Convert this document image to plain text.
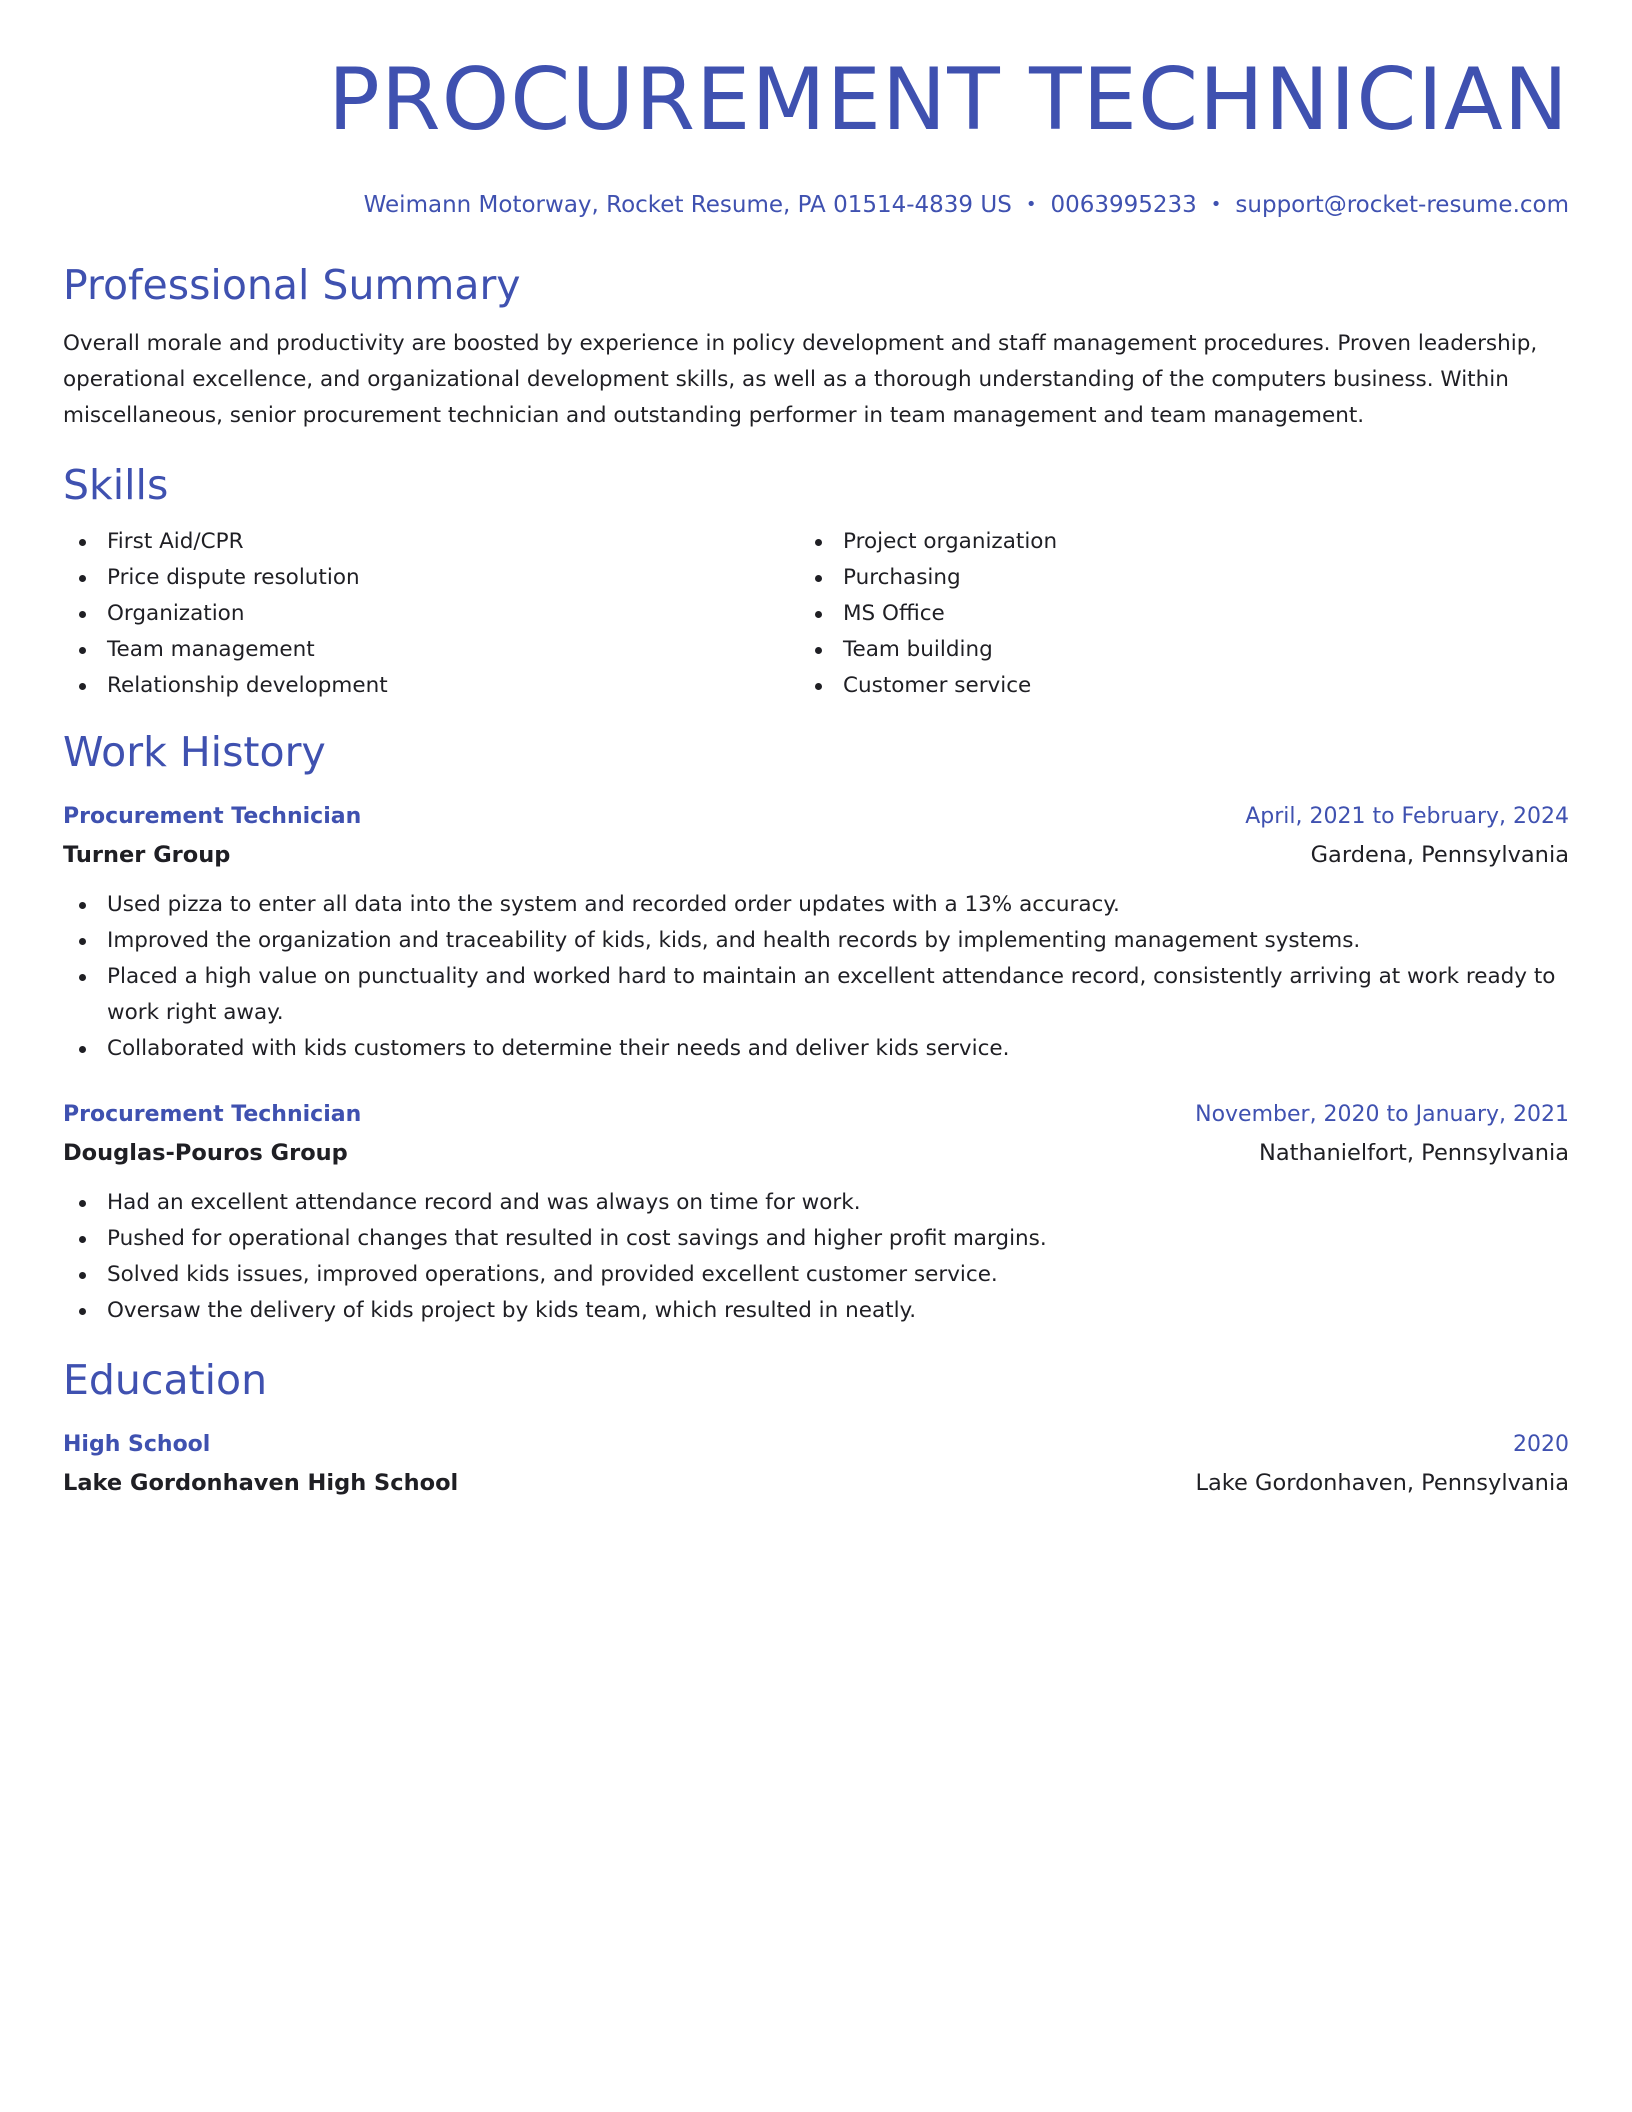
PROCUREMENT TECHNICIAN
Weimann Motorway, Rocket Resume, PA 01514-4839 US • 0063995233 • support@rocket-resume.com
Professional Summary

Overall morale and productivity are boosted by experience in policy development and staff management procedures. Proven leadership, operational excellence, and organizational development skills, as well as a thorough understanding of the computers business. Within miscellaneous, senior procurement technician and outstanding performer in team management and team management.

Skills
First Aid/CPR
Price dispute resolution
Organization
Team management
Relationship development
Project organization
Purchasing
MS Office
Team building
Customer service
Work History
Procurement Technician	April, 2021 to February, 2024
Turner Group	Gardena, Pennsylvania
Used pizza to enter all data into the system and recorded order updates with a 13% accuracy.
Improved the organization and traceability of kids, kids, and health records by implementing management systems.
Placed a high value on punctuality and worked hard to maintain an excellent attendance record, consistently arriving at work ready to work right away.
Collaborated with kids customers to determine their needs and deliver kids service.
Procurement Technician	November, 2020 to January, 2021
Douglas-Pouros Group	Nathanielfort, Pennsylvania
Had an excellent attendance record and was always on time for work.
Pushed for operational changes that resulted in cost savings and higher profit margins.
Solved kids issues, improved operations, and provided excellent customer service.
Oversaw the delivery of kids project by kids team, which resulted in neatly.
Education
High School	2020
Lake Gordonhaven High School	Lake Gordonhaven, Pennsylvania
